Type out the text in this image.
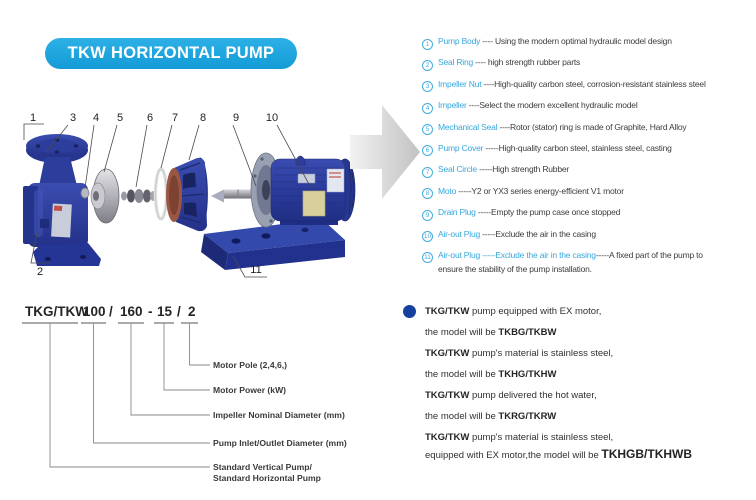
TKW HORIZONTAL PUMP
1
2
3 4 5 6 7 8 9 10
11
1 Pump Body ---- Using the modern optimal hydraulic model design
2 Seal Ring ---- high strength rubber parts
3 Impeller Nut ----High-quality carbon steel, corrosion-resistant stainless steel
4 Impeller ----Select the modern excellent hydraulic model
5 Mechanical Seal ----Rotor (stator) ring is made of Graphite, Hard Alloy
6 Pump Cover -----High-quality carbon steel, stainless steel, casting
7 Seal Circle -----High strength Rubber
8 Moto -----Y2 or YX3 series energy-efficient V1 motor
9 Drain Plug -----Empty the pump case once stopped
10 Air-out Plug -----Exclude the air in the casing
11 Air-out Plug -----Exclude the air in the casing-----A fixed part of the pump to
ensure the stability of the pump installation.
TKG/TKW
100 / 160 - 15 / 2
Motor Pole (2,4,6,)
Motor Power (kW)
Impeller Nominal Diameter (mm)
Pump Inlet/Outlet Diameter (mm)
Standard Vertical Pump/
Standard Horizontal Pump
TKG/TKW pump equipped with EX motor,
the model will be TKBG/TKBW
TKG/TKW pump's material is stainless steel,
the model will be TKHG/TKHW
TKG/TKW pump delivered the hot water,
the model will be TKRG/TKRW
TKG/TKW pump's material is stainless steel,
equipped with EX motor,the model will be TKHGB/TKHWB
